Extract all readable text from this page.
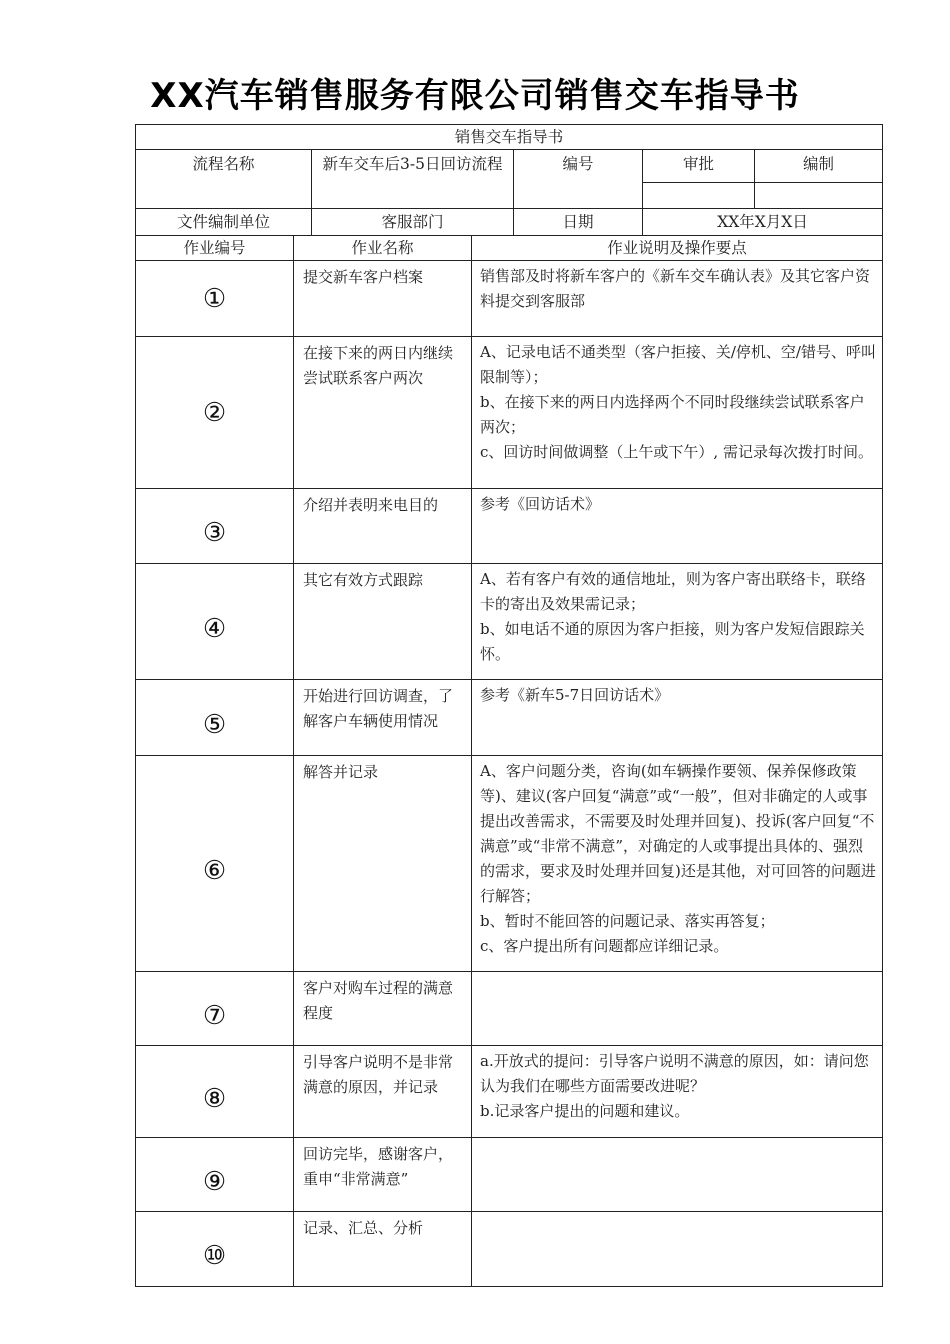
XX汽车销售服务有限公司销售交车指导书
销售交车指导书				
流程名称	新车交车后3-5日回访流程	编号	审批	编制

文件编制单位	客服部门	日期	XX年X月X日	
作业编号	作业名称	作业说明及操作要点
①	提交新车客户档案	销售部及时将新车客户的《新车交车确认表》及其它客户资料提交到客服部

②	在接下来的两日内继续尝试联系客户两次	A、记录电话不通类型（客户拒接、关/停机、空/错号、呼叫限制等）；
b、在接下来的两日内选择两个不同时段继续尝试联系客户两次；
c、回访时间做调整（上午或下午）, 需记录每次拨打时间。

③	介绍并表明来电目的	参考《回访话术》

④	其它有效方式跟踪	A、若有客户有效的通信地址，则为客户寄出联络卡，联络卡的寄出及效果需记录；
b、如电话不通的原因为客户拒接，则为客户发短信跟踪关怀。

⑤	开始进行回访调查，了解客户车辆使用情况	参考《新车5-7日回访话术》

⑥	解答并记录	A、客户问题分类，咨询(如车辆操作要领、保养保修政策等)、建议(客户回复“满意”或“一般”，但对非确定的人或事提出改善需求，不需要及时处理并回复)、投诉(客户回复“不满意”或“非常不满意”，对确定的人或事提出具体的、强烈的需求，要求及时处理并回复)还是其他，对可回答的问题进行解答；
b、暂时不能回答的问题记录、落实再答复；
c、客户提出所有问题都应详细记录。

⑦	客户对购车过程的满意程度	
⑧	引导客户说明不是非常满意的原因，并记录	a.开放式的提问：引导客户说明不满意的原因，如：请问您认为我们在哪些方面需要改进呢？
b.记录客户提出的问题和建议。

⑨	回访完毕，感谢客户，重申“非常满意”	
⑩	记录、汇总、分析	
